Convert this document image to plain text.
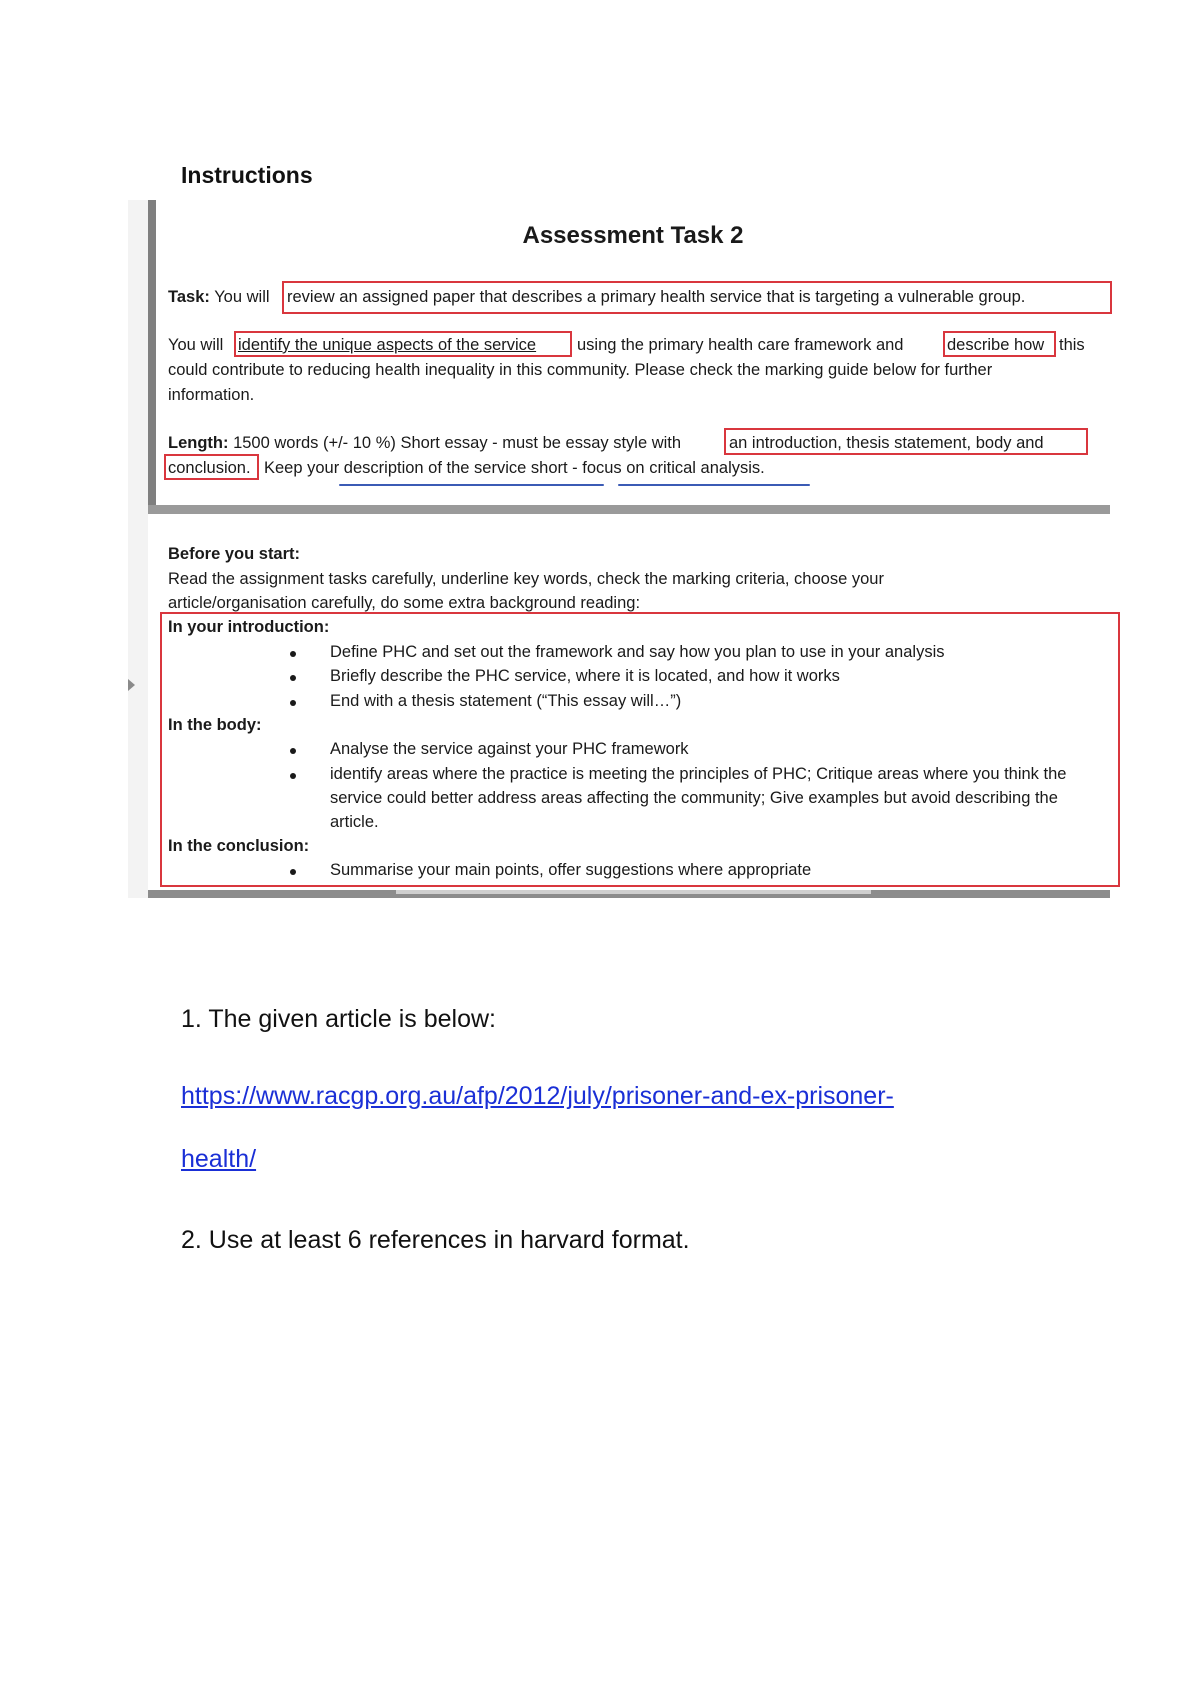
Instructions
Assessment Task 2
Task: You will review an assigned paper that describes a primary health service that is targeting a vulnerable group.
You will identify the unique aspects of the service using the primary health care framework and	describe how this
could contribute to reducing health inequality in this community. Please check the marking guide below for further
information.
Length: 1500 words (+/- 10 %) Short essay - must be essay style with	an introduction, thesis statement, body and
conclusion. Keep your description of the service short - focus on critical analysis.
Before you start:
Read the assignment tasks carefully, underline key words, check the marking criteria, choose your
article/organisation carefully, do some extra background reading:
In your introduction:
Define PHC and set out the framework and say how you plan to use in your analysis
Briefly describe the PHC service, where it is located, and how it works
End with a thesis statement (“This essay will…”)
In the body:
Analyse the service against your PHC framework
identify areas where the practice is meeting the principles of PHC; Critique areas where you think the
service could better address areas affecting the community; Give examples but avoid describing the
article.
In the conclusion:
Summarise your main points, offer suggestions where appropriate
1. The given article is below:
https://www.racgp.org.au/afp/2012/july/prisoner-and-ex-prisoner-
health/
2. Use at least 6 references in harvard format.
